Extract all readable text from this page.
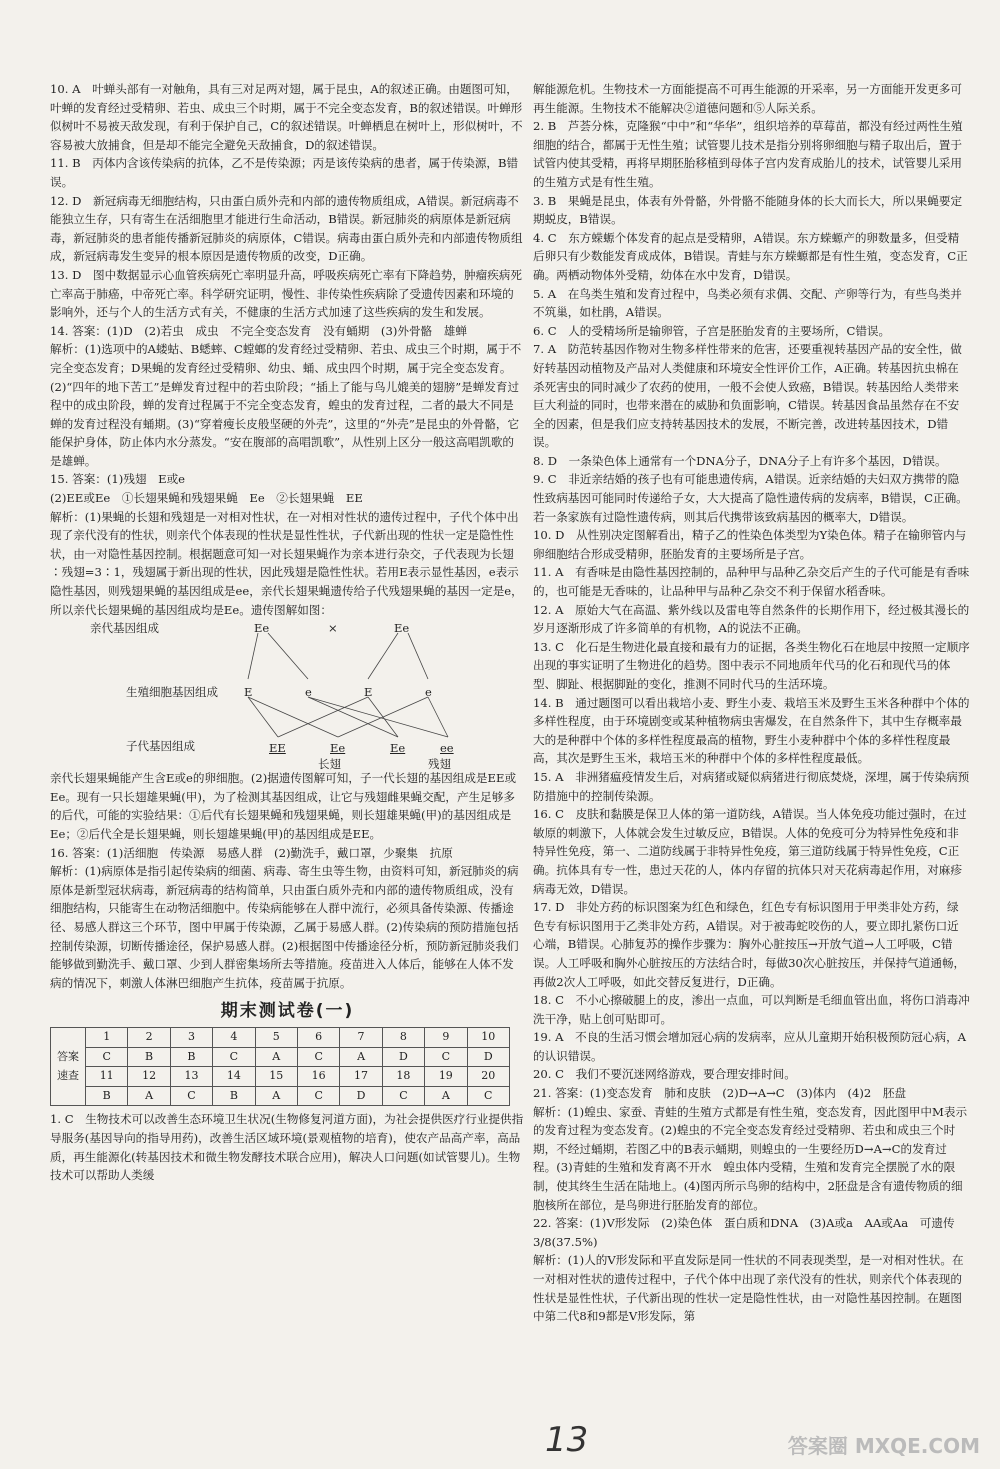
10. A　叶蝉头部有一对触角，具有三对足两对翅，属于昆虫，A的叙述正确。由题图可知，叶蝉的发育经过受精卵、若虫、成虫三个时期，属于不完全变态发育，B的叙述错误。叶蝉形似树叶不易被天敌发现，有利于保护自己，C的叙述错误。叶蝉栖息在树叶上，形似树叶，不容易被大放捕食，但是却不能完全避免天敌捕食，D的叙述错误。

11. B　丙体内含该传染病的抗体，乙不是传染源；丙是该传染病的患者，属于传染源，B错误。

12. D　新冠病毒无细胞结构，只由蛋白质外壳和内部的遗传物质组成，A错误。新冠病毒不能独立生存，只有寄生在活细胞里才能进行生命活动，B错误。新冠肺炎的病原体是新冠病毒，新冠肺炎的患者能传播新冠肺炎的病原体，C错误。病毒由蛋白质外壳和内部遗传物质组成，新冠病毒发生变异的根本原因是遗传物质的改变，D正确。

13. D　图中数据显示心血管疾病死亡率明显升高，呼吸疾病死亡率有下降趋势，肿瘤疾病死亡率高于肺癌，中帝死亡率。科学研究证明，慢性、非传染性疾病除了受遗传因素和环境的影响外，还与个人的生活方式有关，不健康的生活方式加速了这些疾病的发生和发展。

14. 答案：(1)D　(2)若虫　成虫　不完全变态发育　没有蛹期　(3)外骨骼　雄蝉

解析：(1)选项中的A蝼蛄、B蟋蟀、C螳螂的发育经过受精卵、若虫、成虫三个时期，属于不完全变态发育；D果蝇的发育经过受精卵、幼虫、蛹、成虫四个时期，属于完全变态发育。(2)“四年的地下苦工”是蝉发育过程中的若虫阶段；“插上了能与鸟儿媲美的翅膀”是蝉发育过程中的成虫阶段，蝉的发育过程属于不完全变态发育，蝗虫的发育过程，二者的最大不同是蝉的发育过程没有蛹期。(3)“穿着瘦长皮般坚硬的外壳”，这里的“外壳”是昆虫的外骨骼，它能保护身体，防止体内水分蒸发。“安在腹部的高唱凯歌”，从性别上区分一般这高唱凯歌的是雄蝉。

15. 答案：(1)残翅　E或e

(2)EE或Ee　①长翅果蝇和残翅果蝇　Ee　②长翅果蝇　EE

解析：(1)果蝇的长翅和残翅是一对相对性状，在一对相对性状的遗传过程中，子代个体中出现了亲代没有的性状，则亲代个体表现的性状是显性性状，子代新出现的性状一定是隐性性状，由一对隐性基因控制。根据题意可知一对长翅果蝇作为亲本进行杂交，子代表现为长翅∶残翅=3∶1，残翅属于新出现的性状，因此残翅是隐性性状。若用E表示显性基因，e表示隐性基因，则残翅果蝇的基因组成是ee，亲代长翅果蝇遗传给子代残翅果蝇的基因一定是e，所以亲代长翅果蝇的基因组成均是Ee。遗传图解如图：

亲代基因组成	Ee	×	Ee
生殖细胞基因组成 E	e	E	e
子代基因组成	EE	Ee	Ee	ee
长翅	残翅

亲代长翅果蝇能产生含E或e的卵细胞。(2)据遗传图解可知，子一代长翅的基因组成是EE或Ee。现有一只长翅雄果蝇(甲)，为了检测其基因组成，让它与残翅雌果蝇交配，产生足够多的后代，可能的实验结果：①后代有长翅果蝇和残翅果蝇，则长翅雄果蝇(甲)的基因组成是Ee；②后代全是长翅果蝇，则长翅雄果蝇(甲)的基因组成是EE。

16. 答案：(1)活细胞　传染源　易感人群　(2)勤洗手，戴口罩，少聚集　抗原

解析：(1)病原体是指引起传染病的细菌、病毒、寄生虫等生物，由资料可知，新冠肺炎的病原体是新型冠状病毒，新冠病毒的结构简单，只由蛋白质外壳和内部的遗传物质组成，没有细胞结构，只能寄生在动物活细胞中。传染病能够在人群中流行，必须具备传染源、传播途径、易感人群这三个环节，图中甲属于传染源，乙属于易感人群。(2)传染病的预防措施包括控制传染源，切断传播途径，保护易感人群。(2)根据图中传播途径分析，预防新冠肺炎我们能够做到勤洗手、戴口罩、少到人群密集场所去等措施。疫苗进入人体后，能够在人体不发病的情况下，刺激人体淋巴细胞产生抗体，疫苗属于抗原。

期末测试卷(一)
答案
速查	1	2	3	4	5	6	7	8	9	10
	C	B	B	C	A	C	A	D	C	D
	11	12	13	14	15	16	17	18	19	20
	B	A	C	B	A	C	D	C	A	C

1. C　生物技术可以改善生态环境卫生状况(生物修复河道方面)，为社会提供医疗行业提供指导服务(基因导向的指导用药)，改善生活区域环境(景观植物的培育)，使农产品高产率，高品质，再生能源化(转基因技术和微生物发酵技术联合应用)，解决人口问题(如试管婴儿)。生物技术可以帮助人类缓

解能源危机。生物技术一方面能提高不可再生能源的开采率，另一方面能开发更多可再生能源。生物技术不能解决②道德问题和⑤人际关系。

2. B　芦荟分株，克隆猴“中中”和“华华”，组织培养的草莓苗，都没有经过两性生殖细胞的结合，都属于无性生殖；试管婴儿技术是指分别将卵细胞与精子取出后，置于试管内使其受精，再将早期胚胎移植到母体子宫内发育成胎儿的技术，试管婴儿采用的生殖方式是有性生殖。

3. B　果蝇是昆虫，体表有外骨骼，外骨骼不能随身体的长大而长大，所以果蝇要定期蜕皮，B错误。

4. C　东方蝾螈个体发育的起点是受精卵，A错误。东方蝾螈产的卵数量多，但受精后卵只有少数能发育成成体，B错误。青蛙与东方蝾螈都是有性生殖，变态发育，C正确。两栖动物体外受精，幼体在水中发育，D错误。

5. A　在鸟类生殖和发育过程中，鸟类必须有求偶、交配、产卵等行为，有些鸟类并不筑巢，如杜鹃，A错误。

6. C　人的受精场所是输卵管，子宫是胚胎发育的主要场所，C错误。

7. A　防范转基因作物对生物多样性带来的危害，还要重视转基因产品的安全性，做好转基因动植物及产品对人类健康和环境安全性评价工作，A正确。转基因抗虫棉在杀死害虫的同时减少了农药的使用，一般不会使人致癌，B错误。转基因给人类带来巨大利益的同时，也带来潜在的威胁和负面影响，C错误。转基因食品虽然存在不安全的因素，但是我们应支持转基因技术的发展，不断完善，改进转基因技术，D错误。

8. D　一条染色体上通常有一个DNA分子，DNA分子上有许多个基因，D错误。

9. C　非近亲结婚的孩子也有可能患遗传病，A错误。近亲结婚的夫妇双方携带的隐性致病基因可能同时传递给子女，大大提高了隐性遗传病的发病率，B错误，C正确。若一条家族有过隐性遗传病，则其后代携带该致病基因的概率大，D错误。

10. D　从性别决定图解看出，精子乙的性染色体类型为Y染色体。精子在输卵管内与卵细胞结合形成受精卵，胚胎发育的主要场所是子宫。

11. A　有香味是由隐性基因控制的，品种甲与品种乙杂交后产生的子代可能是有香味的，也可能是无香味的，让品种甲与品种乙杂交不利于保留水稻香味。

12. A　原始大气在高温、紫外线以及雷电等自然条件的长期作用下，经过极其漫长的岁月逐渐形成了许多简单的有机物，A的说法不正确。

13. C　化石是生物进化最直接和最有力的证据，各类生物化石在地层中按照一定顺序出现的事实证明了生物进化的趋势。图中表示不同地质年代马的化石和现代马的体型、脚趾、根据脚趾的变化，推测不同时代马的生活环境。

14. B　通过题图可以看出栽培小麦、野生小麦、栽培玉米及野生玉米各种群中个体的多样性程度，由于环境剧变或某种植物病虫害爆发，在自然条件下，其中生存概率最大的是种群中个体的多样性程度最高的植物，野生小麦种群中个体的多样性程度最高，其次是野生玉米，栽培玉米的种群中个体的多样性程度最低。

15. A　非洲猪瘟疫情发生后，对病猪或疑似病猪进行彻底焚烧，深埋，属于传染病预防措施中的控制传染源。

16. C　皮肤和黏膜是保卫人体的第一道防线，A错误。当人体免疫功能过强时，在过敏原的刺激下，人体就会发生过敏反应，B错误。人体的免疫可分为特异性免疫和非特异性免疫，第一、二道防线属于非特异性免疫，第三道防线属于特异性免疫，C正确。抗体具有专一性，患过天花的人，体内存留的抗体只对天花病毒起作用，对麻疹病毒无效，D错误。

17. D　非处方药的标识图案为红色和绿色，红色专有标识图用于甲类非处方药，绿色专有标识图用于乙类非处方药，A错误。对于被毒蛇咬伤的人，要立即扎紧伤口近心端，B错误。心肺复苏的操作步骤为：胸外心脏按压→开放气道→人工呼吸，C错误。人工呼吸和胸外心脏按压的方法结合时，每做30次心脏按压，并保持气道通畅，再做2次人工呼吸，如此交替反复进行，D正确。

18. C　不小心擦破腿上的皮，渗出一点血，可以判断是毛细血管出血，将伤口消毒冲洗干净，贴上创可贴即可。

19. A　不良的生活习惯会增加冠心病的发病率，应从儿童期开始积极预防冠心病，A的认识错误。

20. C　我们不要沉迷网络游戏，要合理安排时间。

21. 答案：(1)变态发育　肺和皮肤　(2)D→A→C　(3)体内　(4)2　胚盘

解析：(1)蝗虫、家蚕、青蛙的生殖方式都是有性生殖，变态发育，因此图甲中M表示的发育过程为变态发育。(2)蝗虫的不完全变态发育经过受精卵、若虫和成虫三个时期，不经过蛹期，若图乙中的B表示蛹期，则蝗虫的一生要经历D→A→C的发育过程。(3)青蛙的生殖和发育离不开水　蝗虫体内受精，生殖和发育完全摆脱了水的限制，使其终生生活在陆地上。(4)图丙所示鸟卵的结构中，2胚盘是含有遗传物质的细胞核所在部位，是鸟卵进行胚胎发育的部位。

22. 答案：(1)V形发际　(2)染色体　蛋白质和DNA　(3)A或a　AA或Aa　可遗传　3/8(37.5%)

解析：(1)人的V形发际和平直发际是同一性状的不同表现类型，是一对相对性状。在一对相对性状的遗传过程中，子代个体中出现了亲代没有的性状，则亲代个体表现的性状是显性性状，子代新出现的性状一定是隐性性状，由一对隐性基因控制。在题图中第二代8和9都是V形发际，第

13	答案圈 MXQE.COM
